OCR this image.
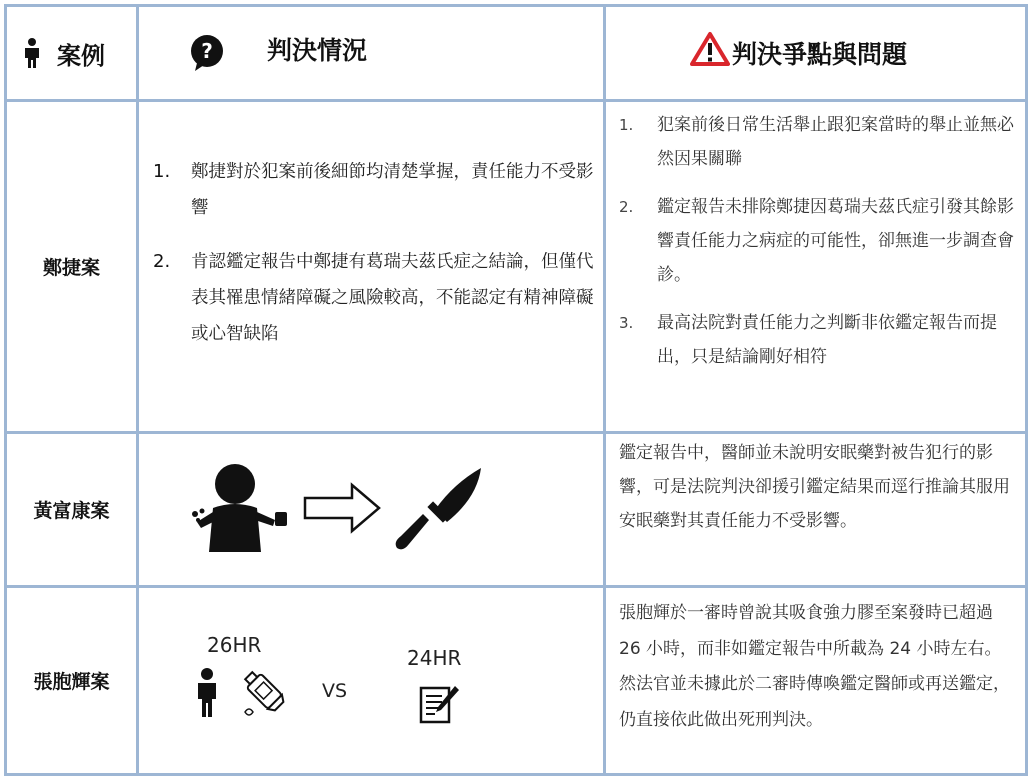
案例	? 判決情況	判決爭點與問題
鄭捷案
1. 鄭捷對於犯案前後細節均清楚掌握，責任能力不受影響
2. 肯認鑑定報告中鄭捷有葛瑞夫茲氏症之結論，但僅代表其罹患情緒障礙之風險較高，不能認定有精神障礙或心智缺陷
1. 犯案前後日常生活舉止跟犯案當時的舉止並無必然因果關聯
2. 鑑定報告未排除鄭捷因葛瑞夫茲氏症引發其餘影響責任能力之病症的可能性，卻無進一步調查會診。
3. 最高法院對責任能力之判斷非依鑑定報告而提出，只是結論剛好相符
黃富康案
鑑定報告中，醫師並未說明安眠藥對被告犯行的影響，可是法院判決卻援引鑑定結果而逕行推論其服用安眠藥對其責任能力不受影響。
張胞輝案
26HR
24HR
VS
張胞輝於一審時曾說其吸食強力膠至案發時已超過 26 小時，而非如鑑定報告中所載為 24 小時左右。然法官並未據此於二審時傳喚鑑定醫師或再送鑑定，仍直接依此做出死刑判決。
